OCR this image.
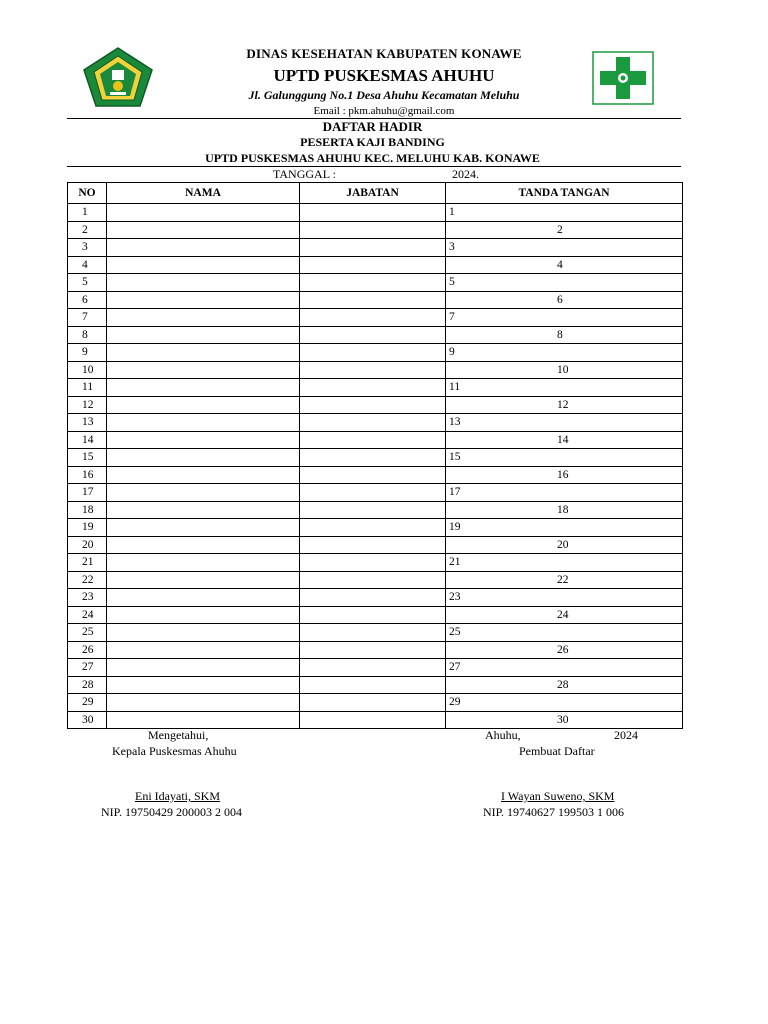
DINAS KESEHATAN KABUPATEN KONAWE
UPTD PUSKESMAS AHUHU
Jl. Galunggung No.1 Desa Ahuhu Kecamatan Meluhu
Email : pkm.ahuhu@gmail.com
DAFTAR HADIR
PESERTA KAJI BANDING
UPTD PUSKESMAS AHUHU KEC. MELUHU KAB. KONAWE
TANGGAL :	2024.
NO	NAMA	JABATAN	TANDA TANGAN
1			1
2			2
3			3
4			4
5			5
6			6
7			7
8			8
9			9
10			10
11			11
12			12
13			13
14			14
15			15
16			16
17			17
18			18
19			19
20			20
21			21
22			22
23			23
24			24
25			25
26			26
27			27
28			28
29			29
30			30
Mengetahui,
Kepala Puskesmas Ahuhu
Eni Idayati, SKM
NIP. 19750429 200003 2 004
Ahuhu,	2024
Pembuat Daftar
I Wayan Suweno, SKM
NIP. 19740627 199503 1 006
